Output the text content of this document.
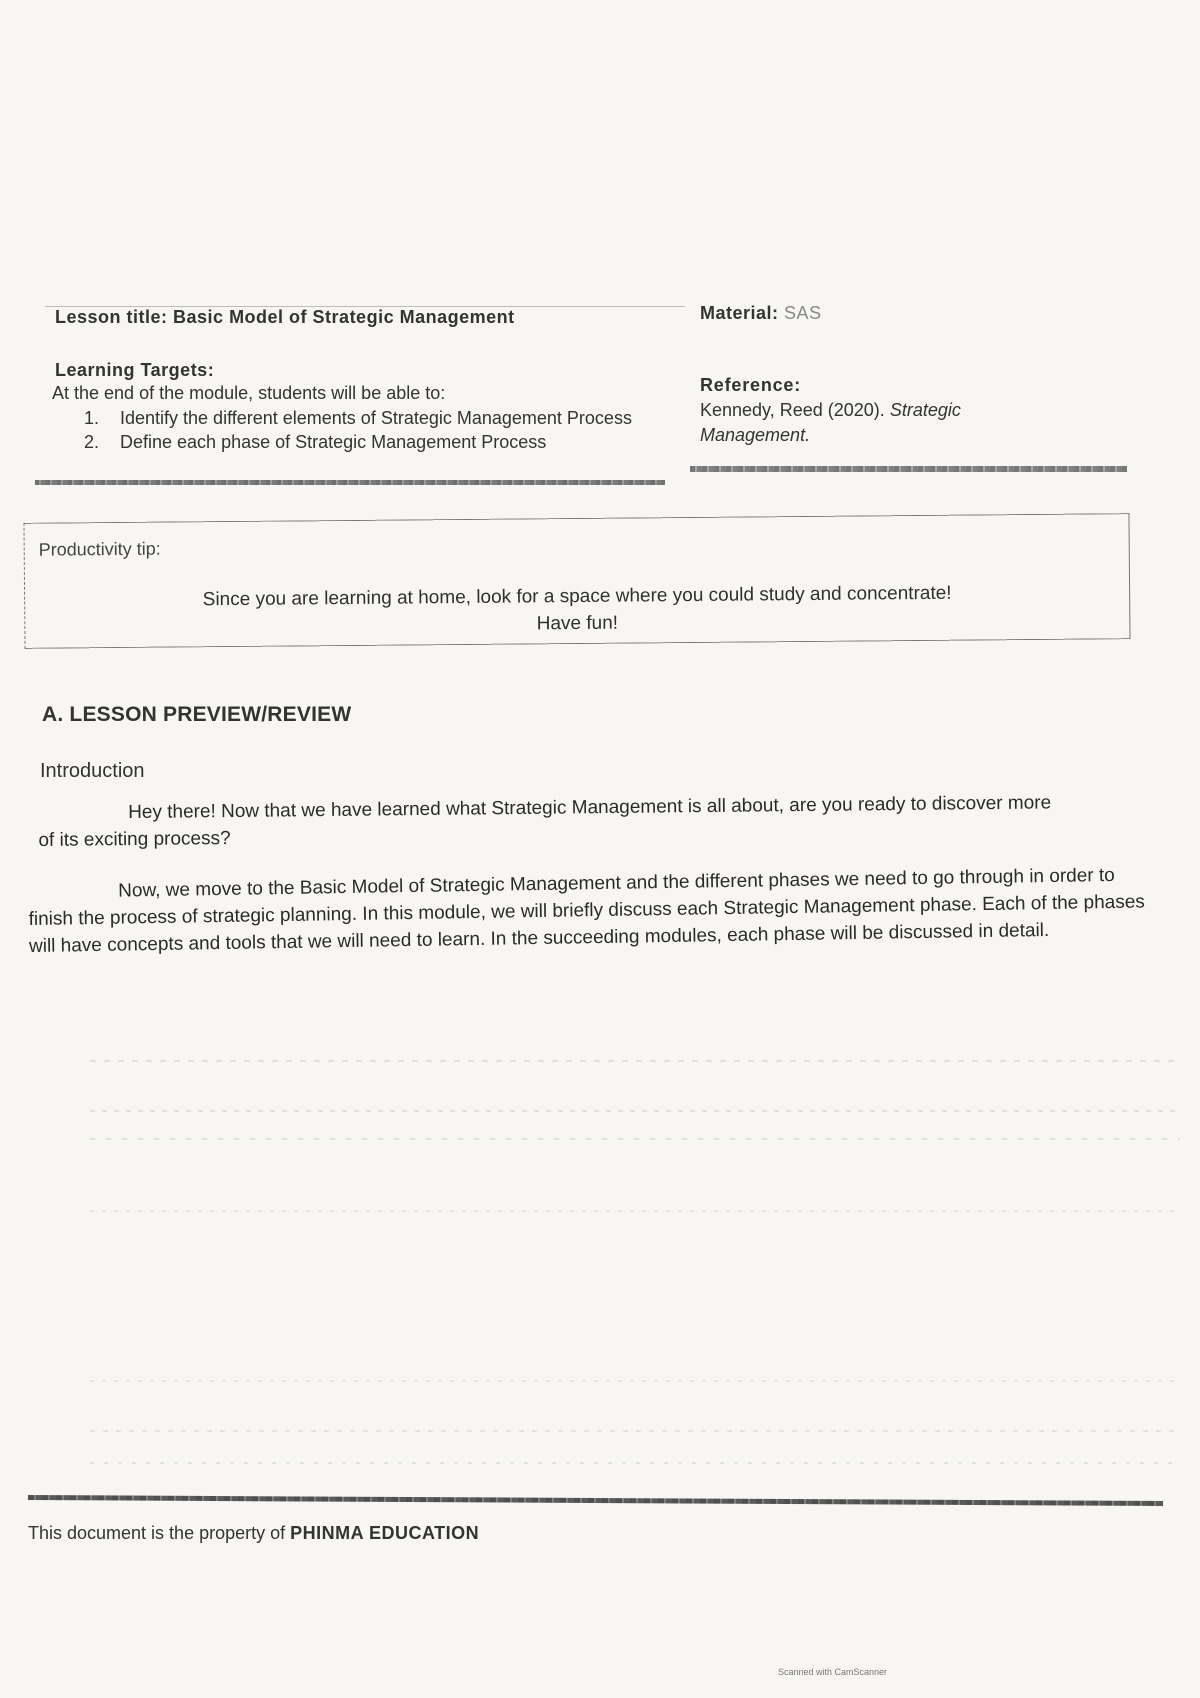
Lesson title: Basic Model of Strategic Management	Material: SAS
Learning Targets:
At the end of the module, students will be able to:
1. Identify the different elements of Strategic Management Process
2. Define each phase of Strategic Management Process
Reference:
Kennedy, Reed (2020). Strategic Management.
Productivity tip:
Since you are learning at home, look for a space where you could study and concentrate!
Have fun!
A. LESSON PREVIEW/REVIEW
Introduction
Hey there! Now that we have learned what Strategic Management is all about, are you ready to discover more of its exciting process?
Now, we move to the Basic Model of Strategic Management and the different phases we need to go through in order to finish the process of strategic planning. In this module, we will briefly discuss each Strategic Management phase. Each of the phases will have concepts and tools that we will need to learn. In the succeeding modules, each phase will be discussed in detail.
This document is the property of PHINMA EDUCATION
Scanned with CamScanner
